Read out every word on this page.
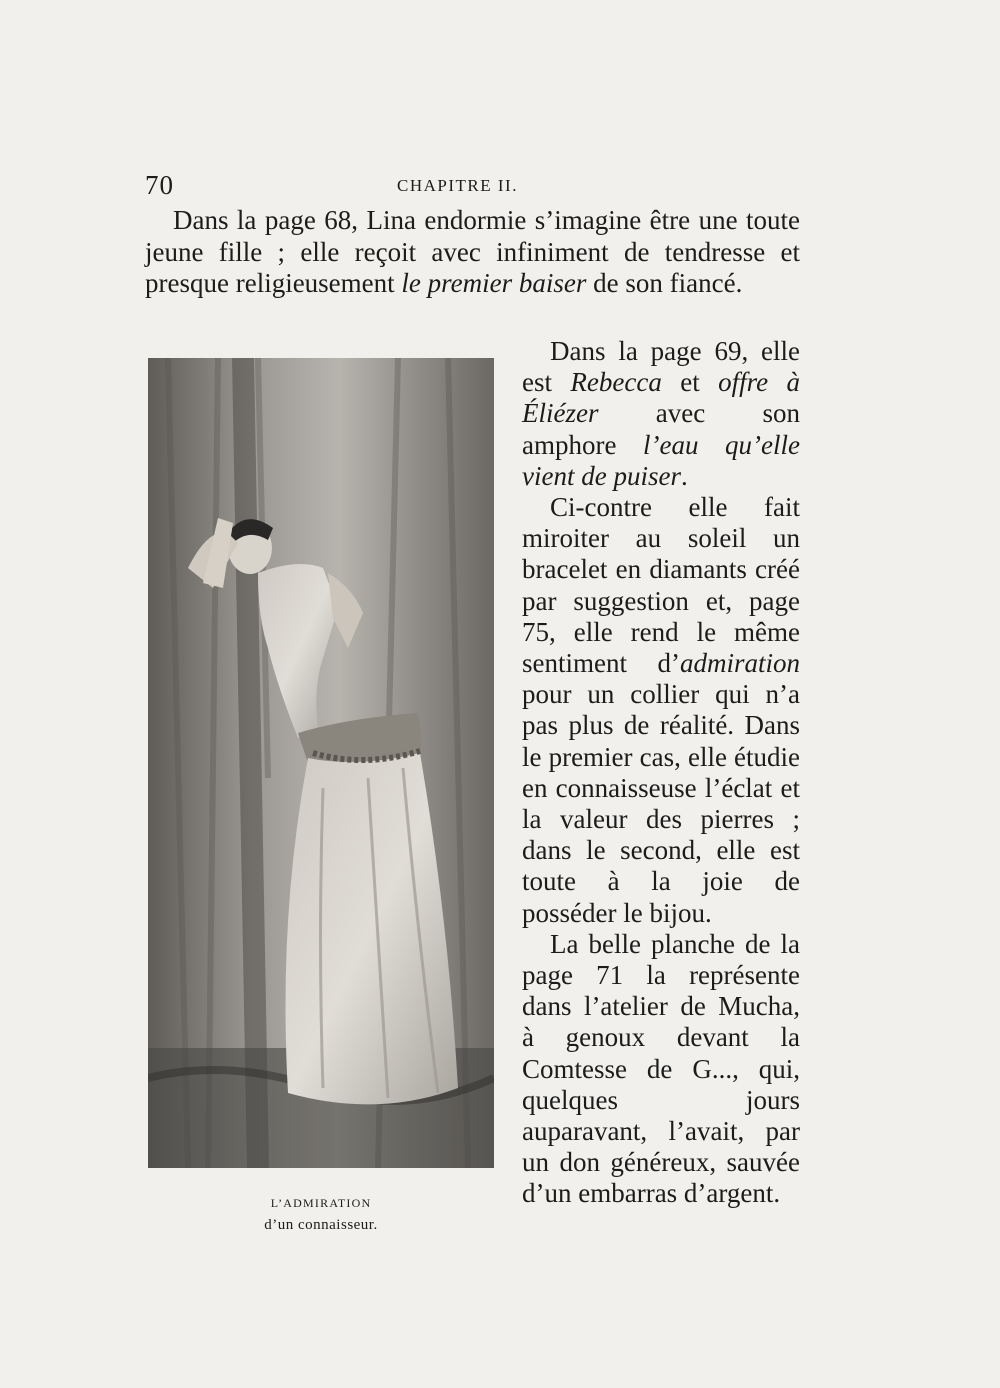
70	CHAPITRE II.

Dans la page 68, Lina endormie s’imagine être une toute jeune fille ; elle reçoit avec infiniment de tendresse et presque religieusement le premier baiser de son fiancé.

L’ADMIRATION
d’un connaisseur.

Dans la page 69, elle est Rebecca et offre à Éliézer avec son amphore l’eau qu’elle vient de puiser.

Ci-contre elle fait miroiter au soleil un bracelet en diamants créé par suggestion et, page 75, elle rend le même sentiment d’admiration pour un collier qui n’a pas plus de réalité. Dans le premier cas, elle étudie en connaisseuse l’éclat et la valeur des pierres ; dans le second, elle est toute à la joie de posséder le bijou.

La belle planche de la page 71 la représente dans l’atelier de Mucha, à genoux devant la Comtesse de G..., qui, quelques jours auparavant, l’avait, par un don généreux, sauvée d’un embarras d’argent.
